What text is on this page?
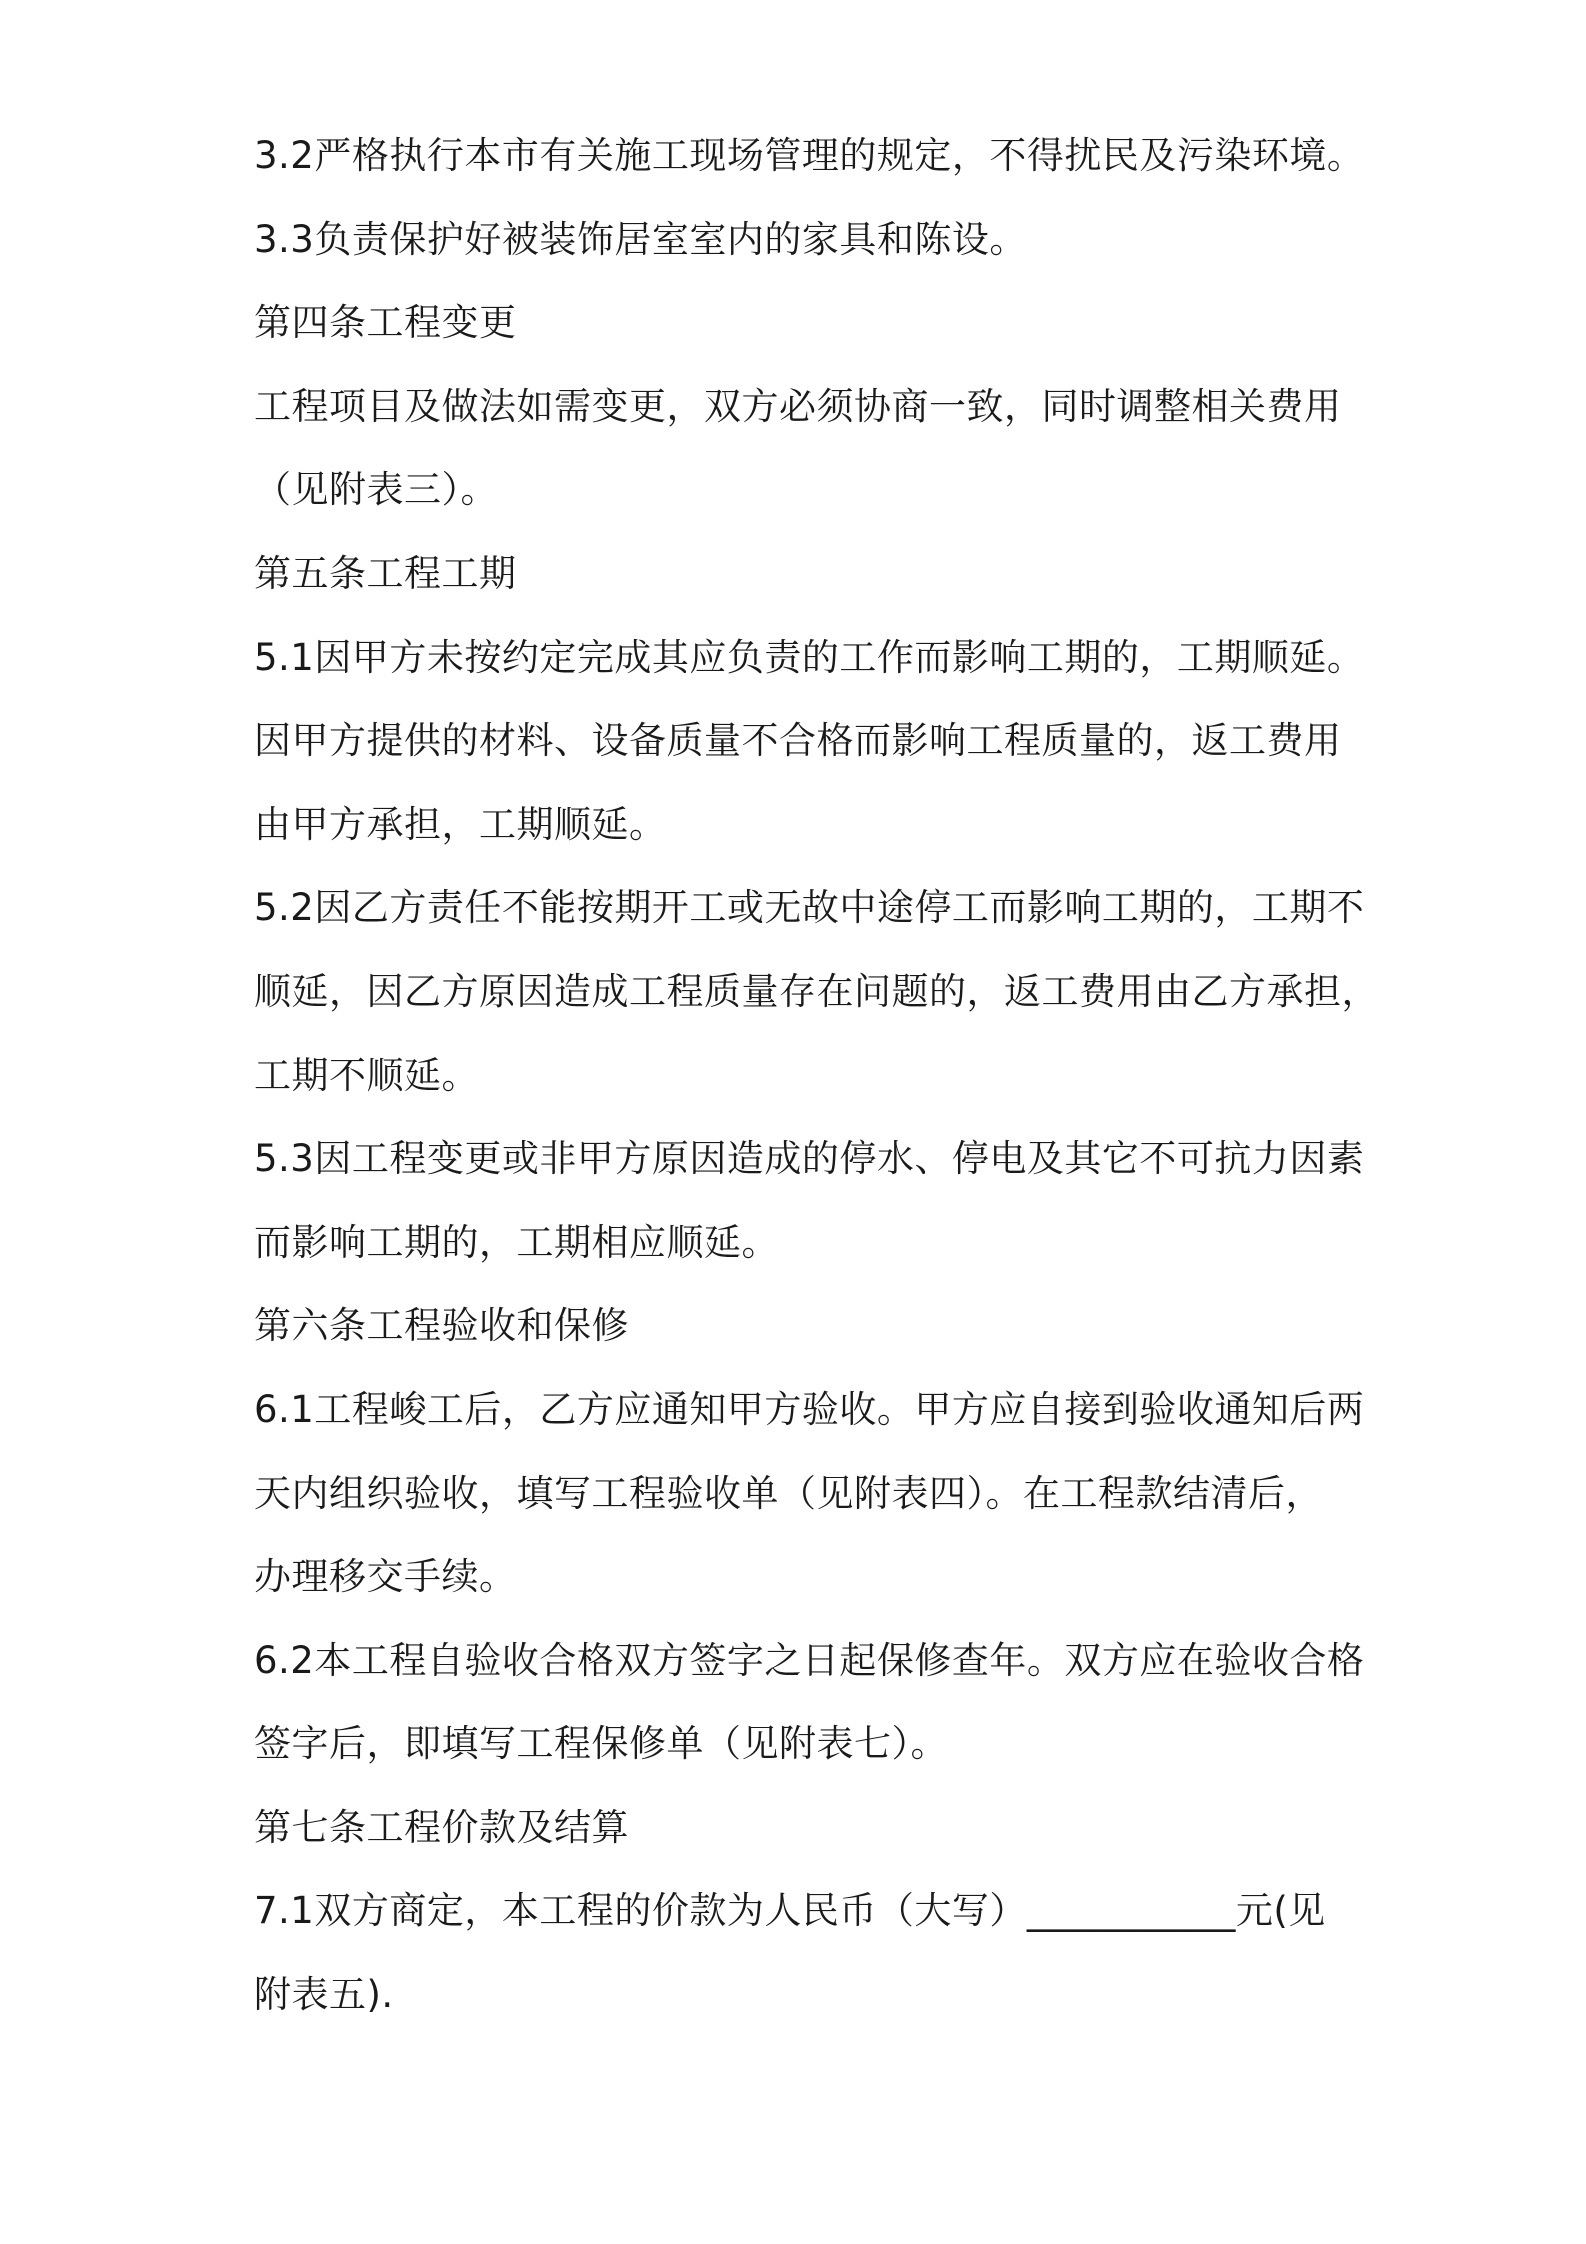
3.2严格执行本市有关施工现场管理的规定，不得扰民及污染环境。
3.3负责保护好被装饰居室室内的家具和陈设。
第四条工程变更
工程项目及做法如需变更，双方必须协商一致，同时调整相关费用
（见附表三）。
第五条工程工期
5.1因甲方未按约定完成其应负责的工作而影响工期的，工期顺延。
因甲方提供的材料、设备质量不合格而影响工程质量的，返工费用
由甲方承担，工期顺延。
5.2因乙方责任不能按期开工或无故中途停工而影响工期的，工期不
顺延，因乙方原因造成工程质量存在问题的，返工费用由乙方承担，
工期不顺延。
5.3因工程变更或非甲方原因造成的停水、停电及其它不可抗力因素
而影响工期的，工期相应顺延。
第六条工程验收和保修
6.1工程峻工后，乙方应通知甲方验收。甲方应自接到验收通知后两
天内组织验收，填写工程验收单（见附表四）。在工程款结清后，
办理移交手续。
6.2本工程自验收合格双方签字之日起保修查年。双方应在验收合格
签字后，即填写工程保修单（见附表七）。
第七条工程价款及结算
7.1双方商定，本工程的价款为人民币（大写）___________元(见
附表五).
